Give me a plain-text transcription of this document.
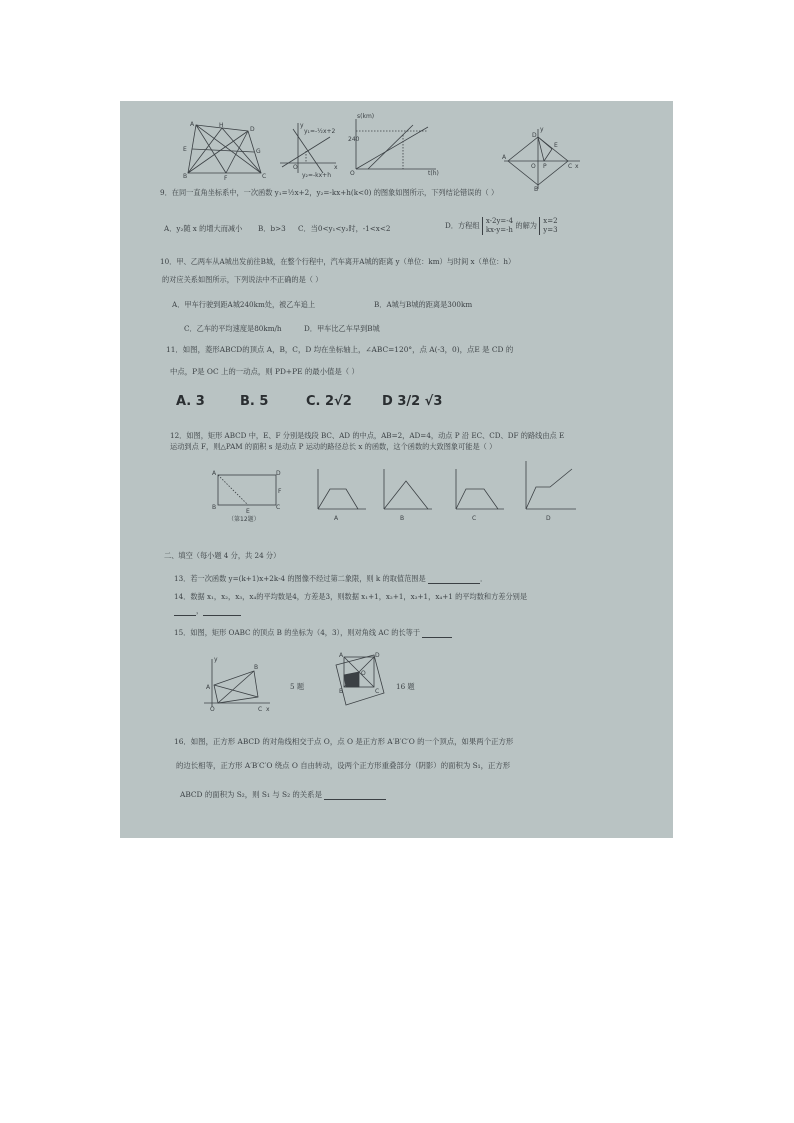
A	H
D
G
E
B	F	C
y₁=-½x+2
y₂=-kx+h
O	x
y
s(km)
240
O	t(h)
D
E
A
O P	C
B
x
y
9．在同一直角坐标系中，一次函数 y₁=½x+2，y₂=-kx+h(k<0) 的图象如图所示，下列结论错误的（ ）
A．y₂随 x 的增大而减小 B．b>3 C．当0<y₁<y₂时，-1<x<2	D．方程组 x-2y=-4
kx-y=-h 的解为 x=2
y=3
10．甲、乙两车从A城出发前往B城，在整个行程中，汽车离开A城的距离 y（单位：km）与时间 x（单位：h）
的对应关系如图所示，下列说法中不正确的是（ ）
A．甲车行驶到距A城240km处，被乙车追上	B．A城与B城的距离是300km
C．乙车的平均速度是80km/h	D．甲车比乙车早到B城
11．如图，菱形ABCD的顶点 A，B，C，D 均在坐标轴上，∠ABC=120°，点 A(-3，0)，点E 是 CD 的
中点，P是 OC 上的一动点，则 PD+PE 的最小值是（ ）
A. 3	B. 5	C. 2√2 D 3/2 √3
12．如图，矩形 ABCD 中，E、F 分别是线段 BC、AD 的中点，AB=2，AD=4，动点 P 沿 EC、CD、DF 的路线由点 E
运动到点 F，则△PAM 的面积 s 是动点 P 运动的路径总长 x 的函数，这个函数的大致图象可能是（ ）
A	D
B
E
C
F
（第12题）	A	B	C	D
二、填空（每小题 4 分，共 24 分）
13．若一次函数 y=(k+1)x+2k-4 的图像不经过第二象限，则 k 的取值范围是	．
14．数据 x₁，x₂，x₃，x₄的平均数是4，方差是3，则数据 x₁+1，x₂+1，x₃+1，x₄+1 的平均数和方差分别是
，
15．如图，矩形 OABC 的顶点 B 的坐标为（4，3），则对角线 AC 的长等于
A
B
O	C x
y
5 题
A	D
O
B	C
16 题
16．如图，正方形 ABCD 的对角线相交于点 O，点 O 是正方形 A′B′C′O 的一个顶点，如果两个正方形
的边长相等，正方形 A′B′C′O 绕点 O 自由转动，设两个正方形重叠部分（阴影）的面积为 S₁，正方形
ABCD 的面积为 S₂，则 S₁ 与 S₂ 的关系是
